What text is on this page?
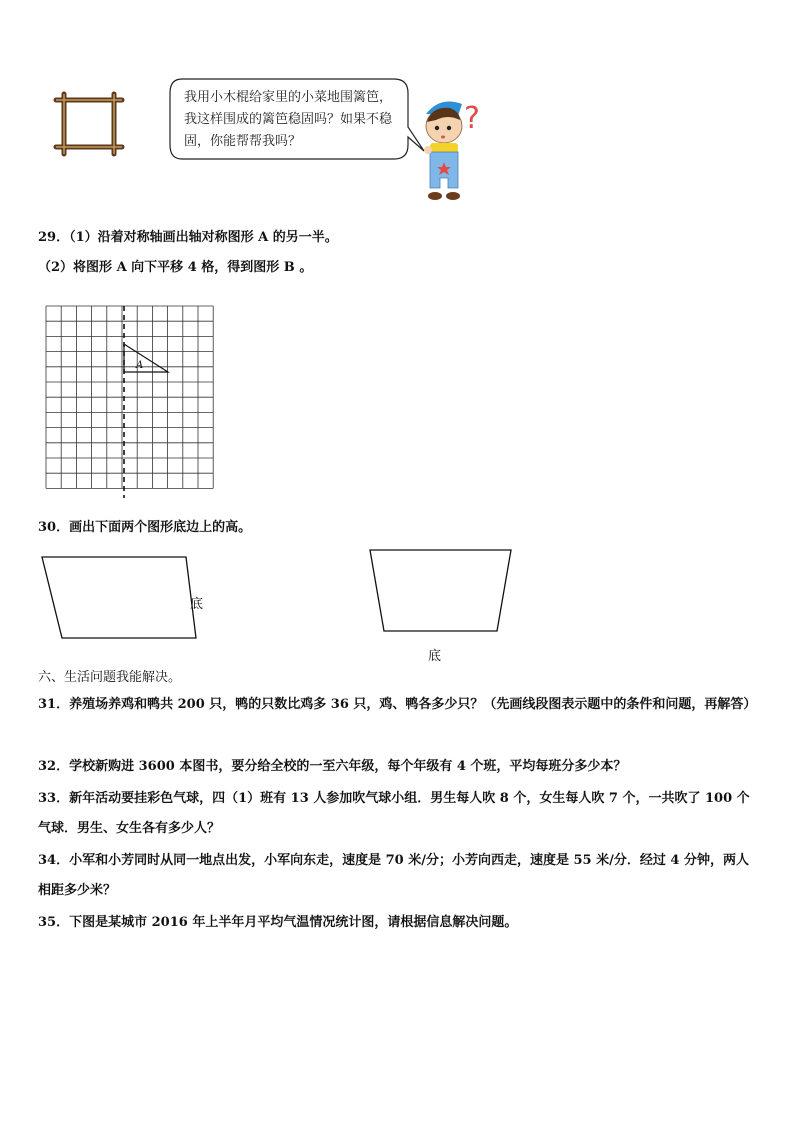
我用小木棍给家里的小菜地围篱笆，我这样围成的篱笆稳固吗？如果不稳固，你能帮帮我吗？
?
29．（1）沿着对称轴画出轴对称图形 A 的另一半。
（2）将图形 A 向下平移 4 格，得到图形 B 。
A
30．画出下面两个图形底边上的高。
底
底
六、生活问题我能解决。
31．养殖场养鸡和鸭共 200 只，鸭的只数比鸡多 36 只，鸡、鸭各多少只？（先画线段图表示题中的条件和问题，再解答）
32．学校新购进 3600 本图书，要分给全校的一至六年级，每个年级有 4 个班，平均每班分多少本？
33．新年活动要挂彩色气球，四（1）班有 13 人参加吹气球小组．男生每人吹 8 个，女生每人吹 7 个，一共吹了 100 个气球．男生、女生各有多少人？
34．小军和小芳同时从同一地点出发，小军向东走，速度是 70 米/分；小芳向西走，速度是 55 米/分．经过 4 分钟，两人相距多少米？
35．下图是某城市 2016 年上半年月平均气温情况统计图，请根据信息解决问题。
